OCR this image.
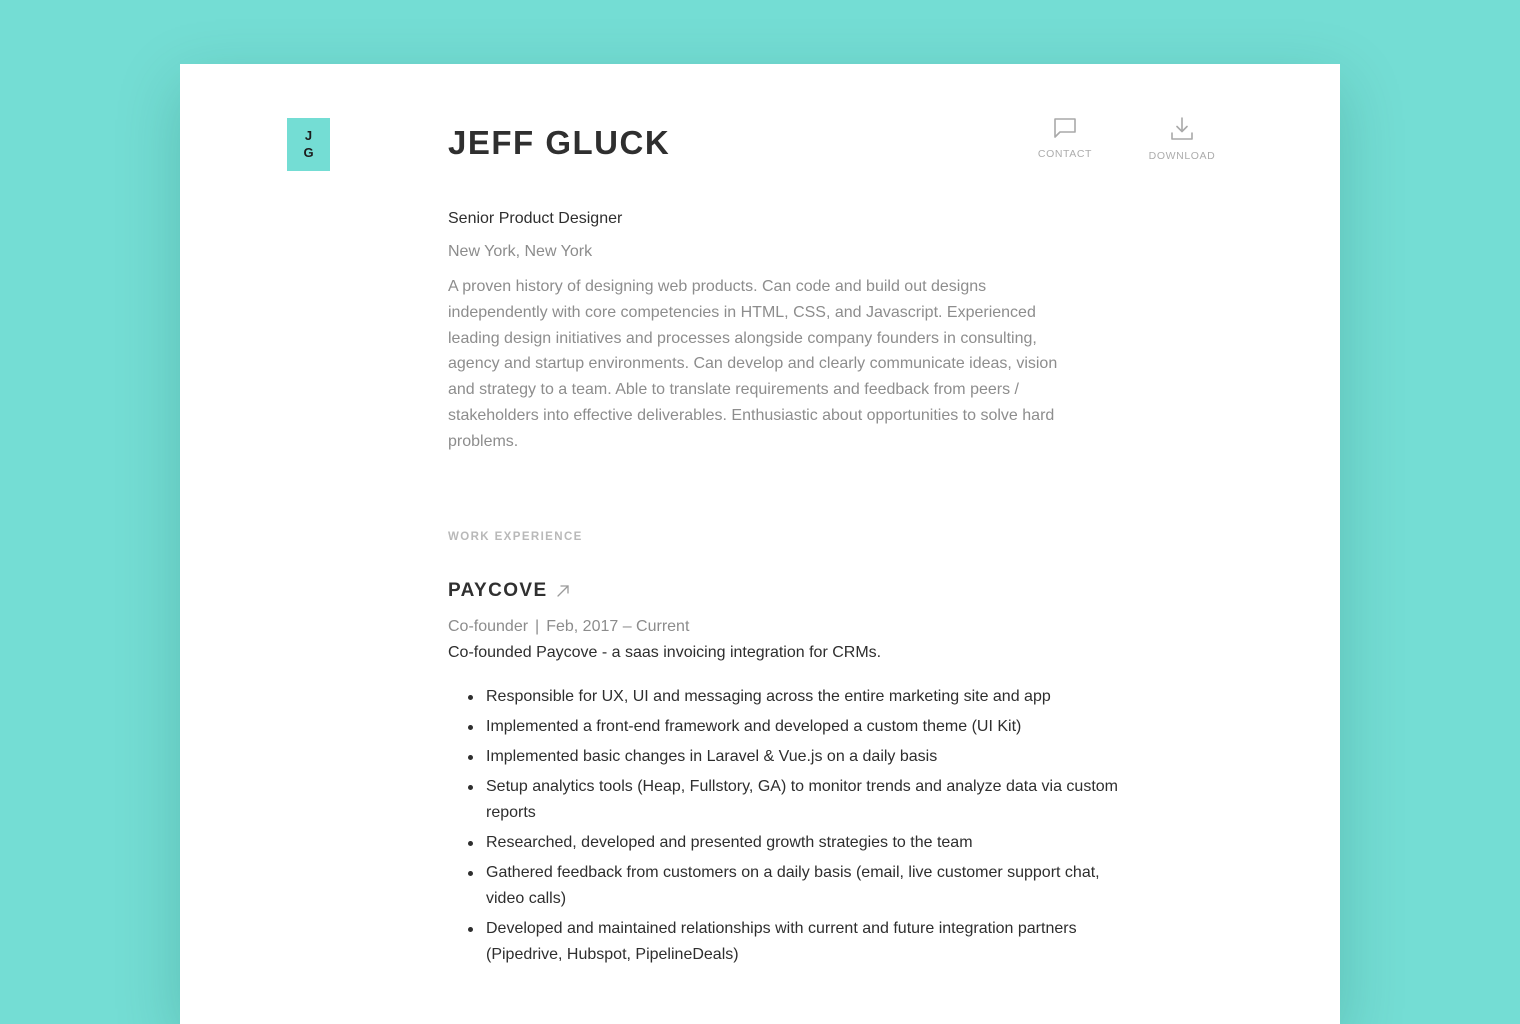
J
G	JEFF GLUCK	CONTACT	DOWNLOAD
Senior Product Designer
New York, New York

A proven history of designing web products. Can code and build out designs independently with core competencies in HTML, CSS, and Javascript. Experienced leading design initiatives and processes alongside company founders in consulting, agency and startup environments. Can develop and clearly communicate ideas, vision and strategy to a team. Able to translate requirements and feedback from peers / stakeholders into effective deliverables. Enthusiastic about opportunities to solve hard problems.

WORK EXPERIENCE
PAYCOVE
Co-founder | Feb, 2017 – Current
Co-founded Paycove - a saas invoicing integration for CRMs.
Responsible for UX, UI and messaging across the entire marketing site and app
Implemented a front-end framework and developed a custom theme (UI Kit)
Implemented basic changes in Laravel & Vue.js on a daily basis
Setup analytics tools (Heap, Fullstory, GA) to monitor trends and analyze data via custom reports
Researched, developed and presented growth strategies to the team
Gathered feedback from customers on a daily basis (email, live customer support chat, video calls)
Developed and maintained relationships with current and future integration partners (Pipedrive, Hubspot, PipelineDeals)
